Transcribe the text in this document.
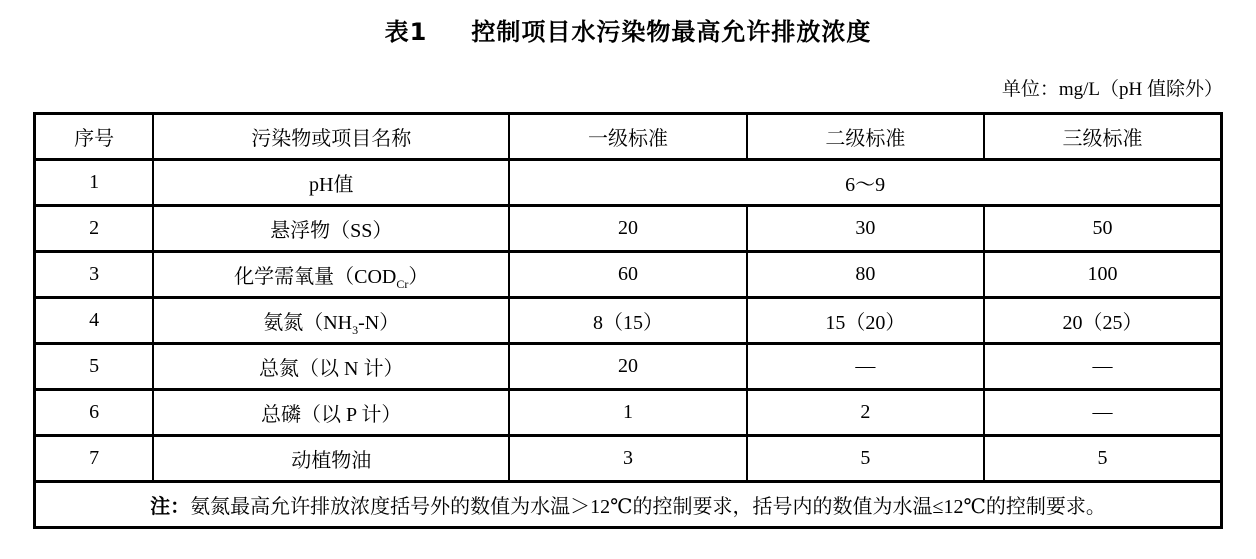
表1 控制项目水污染物最高允许排放浓度
单位：mg/L（pH 值除外）
序号	污染物或项目名称	一级标准	二级标准	三级标准
1	pH值	6～9		
2	悬浮物（SS）	20	30	50
3	化学需氧量$(COD_{Cr})$	60	80	100
4	氨氮$(NH_3-N)$	8（15）	15（20）	20（25）
5	总氮（以 N 计）	20	—	—
6	总磷（以 P 计）	1	2	—
7	动植物油	3	5	5
注：氨氮最高允许排放浓度括号外的数值为水温＞12℃的控制要求，括号内的数值为水温≤12℃的控制要求。				
